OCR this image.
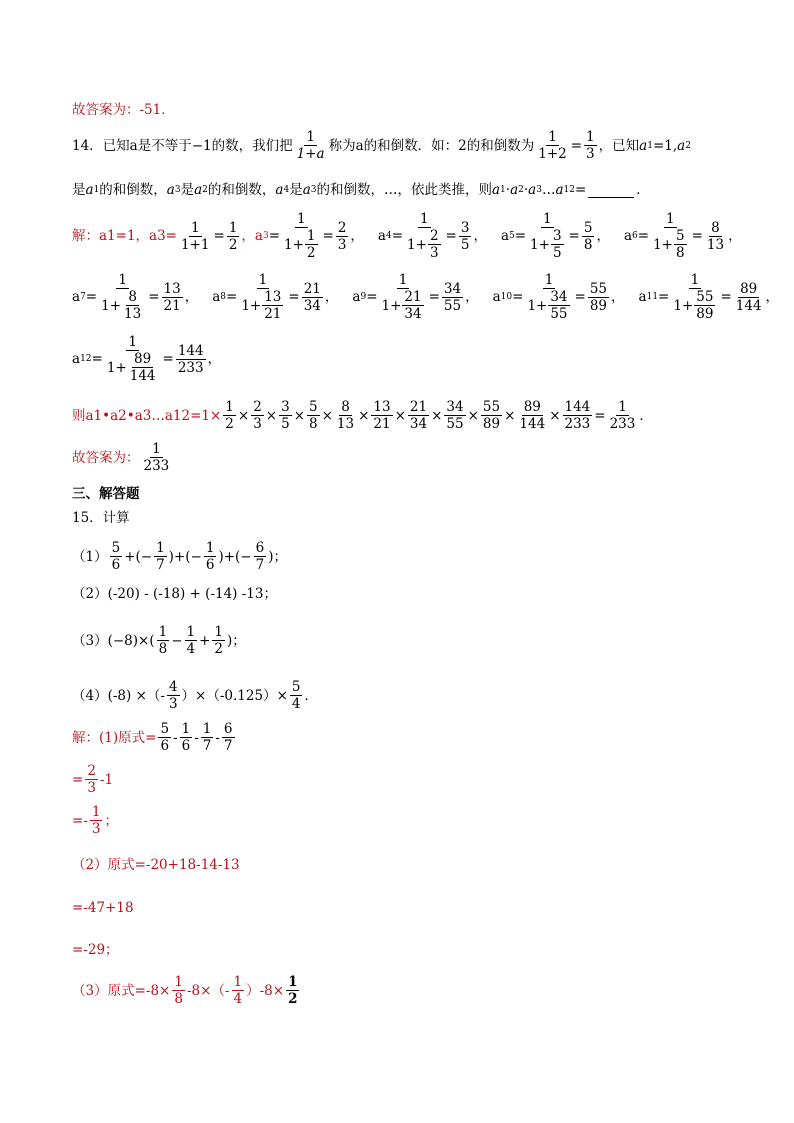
故答案为：-51．
14． 已知a是不等于−1的数，我们把 $\frac{1}{1+a}$ 称为a的和倒数．如：2的和倒数为 $\frac{1}{1+2} = \frac{1}{3}$ ，已知 a 1 =1, a 2
是 a 1 的和倒数， a 3 是 a 2 的和倒数， a 4 是 a 3 的和倒数，…，依此类推，则 a 1 · a 2 · a 3 … a 12 =	．
解：a1=1，$a3= \frac{1}{1+1} = \frac{1}{2}$ ， a $3 = \frac{1}{1+ \frac{1}{2}} = \frac{2}{3}$ ， a $4 = \frac{1}{1+ \frac{2}{3}} = \frac{3}{5}$ ， a $5 = \frac{1}{1+ \frac{3}{5}} = \frac{5}{8}$ ， a $6 = \frac{1}{1+ \frac{5}{8}} = \frac{8}{13}$ ，
a $7 = \frac{1}{1+ \frac{8}{13}} = \frac{13}{21}$ ， a $8 = \frac{1}{1+ \frac{13}{21}} = \frac{21}{34}$ ， a $9 = \frac{1}{1+ \frac{21}{34}} = \frac{34}{55}$ ， a $10 = \frac{1}{1+ \frac{34}{55}} = \frac{55}{89}$ ， a $11 = \frac{1}{1+ \frac{55}{89}} = \frac{89}{144}$ ，
a $12 = \frac{1}{1+ \frac{89}{144}} = \frac{144}{233}$ ，
则a1•a2•a3…a12=1× $\frac{1}{2} \times \frac{2}{3} \times \frac{3}{5} \times \frac{5}{8} \times \frac{8}{13} \times \frac{13}{21} \times \frac{21}{34} \times \frac{34}{55} \times \frac{55}{89} \times \frac{89}{144} \times \frac{144}{233} = \frac{1}{233}$ ．
故答案为： $\frac{1}{233}$
三、解答题
15．计算
$(1) \frac{5}{6}$ +(− $\frac{1}{7}$ )+(− $\frac{1}{6}$ )+(− $\frac{6}{7}$ ) ；
（2）(-20) - (-18) + (-14) -13；
$(3)(-8)\times( \frac{1}{8} - \frac{1}{4} + \frac{1}{2}$ )；
（4）(-8) ×（- $\frac{4}{3} )\times(-0.125)\times \frac{5}{4}$ ．
解：(1)原式= $\frac{5}{6} - \frac{1}{6} - \frac{1}{7} - \frac{6}{7}$
= $\frac{2}{3} -1$
=- $\frac{1}{3}$ ；
（2）原式=-20+18-14-13
=-47+18
=-29；
（3）原式$=-8\times \frac{1}{8} -8\times(- \frac{1}{4} )-8\times \frac{1}{2}$
